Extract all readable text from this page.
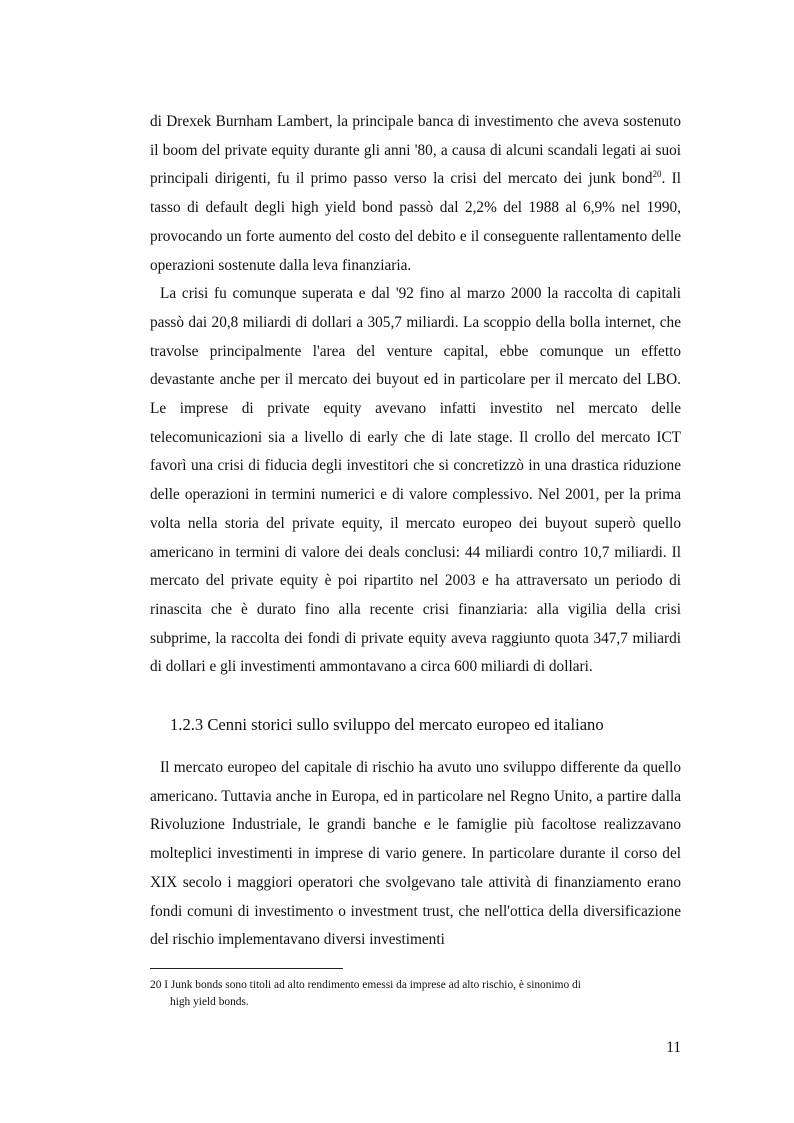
di Drexek Burnham Lambert, la principale banca di investimento che aveva sostenuto il boom del private equity durante gli anni '80, a causa di alcuni scandali legati ai suoi principali dirigenti, fu il primo passo verso la crisi del mercato dei junk bond$^{20}$. Il tasso di default degli high yield bond passò dal 2,2% del 1988 al 6,9% nel 1990, provocando un forte aumento del costo del debito e il conseguente rallentamento delle operazioni sostenute dalla leva finanziaria.

La crisi fu comunque superata e dal '92 fino al marzo 2000 la raccolta di capitali passò dai 20,8 miliardi di dollari a 305,7 miliardi. La scoppio della bolla internet, che travolse principalmente l'area del venture capital, ebbe comunque un effetto devastante anche per il mercato dei buyout ed in particolare per il mercato del LBO. Le imprese di private equity avevano infatti investito nel mercato delle telecomunicazioni sia a livello di early che di late stage. Il crollo del mercato ICT favorì una crisi di fiducia degli investitori che si concretizzò in una drastica riduzione delle operazioni in termini numerici e di valore complessivo. Nel 2001, per la prima volta nella storia del private equity, il mercato europeo dei buyout superò quello americano in termini di valore dei deals conclusi: 44 miliardi contro 10,7 miliardi. Il mercato del private equity è poi ripartito nel 2003 e ha attraversato un periodo di rinascita che è durato fino alla recente crisi finanziaria: alla vigilia della crisi subprime, la raccolta dei fondi di private equity aveva raggiunto quota 347,7 miliardi di dollari e gli investimenti ammontavano a circa 600 miliardi di dollari.

1.2.3 Cenni storici sullo sviluppo del mercato europeo ed italiano

Il mercato europeo del capitale di rischio ha avuto uno sviluppo differente da quello americano. Tuttavia anche in Europa, ed in particolare nel Regno Unito, a partire dalla Rivoluzione Industriale, le grandi banche e le famiglie più facoltose realizzavano molteplici investimenti in imprese di vario genere. In particolare durante il corso del XIX secolo i maggiori operatori che svolgevano tale attività di finanziamento erano fondi comuni di investimento o investment trust, che nell'ottica della diversificazione del rischio implementavano diversi investimenti

20 I Junk bonds sono titoli ad alto rendimento emessi da imprese ad alto rischio, è sinonimo di
high yield bonds.
11
